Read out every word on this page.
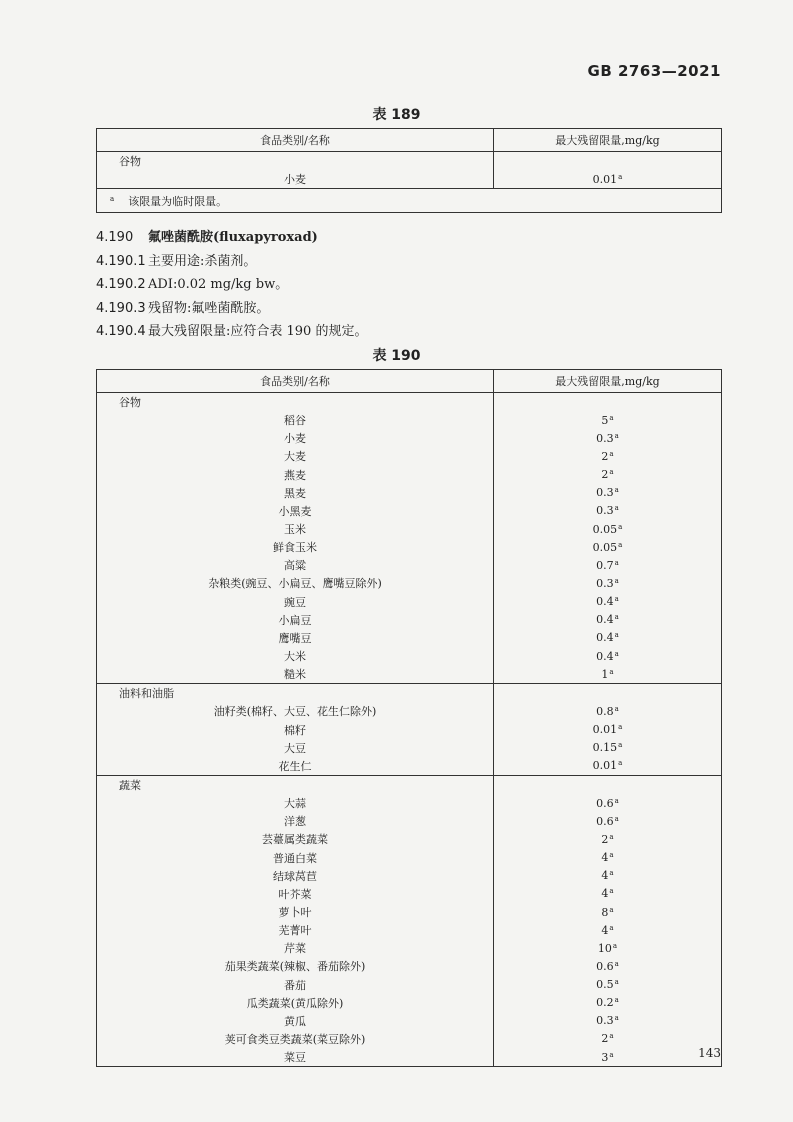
GB 2763—2021
表 189
食品类别/名称	最大残留限量,mg/kg
谷物	
小麦	0.01$^a$
$^a$ 该限量为临时限量。	
4.190 氟唑菌酰胺(fluxapyroxad)
4.190.1 主要用途:杀菌剂。
4.190.2 ADI:0.02 mg/kg bw。
4.190.3 残留物:氟唑菌酰胺。
4.190.4 最大残留限量:应符合表 190 的规定。
表 190
食品类别/名称	最大残留限量,mg/kg
谷物	
稻谷	5$^a$
小麦	0.3$^a$
大麦	2$^a$
燕麦	2$^a$
黑麦	0.3$^a$
小黑麦	0.3$^a$
玉米	0.05$^a$
鲜食玉米	0.05$^a$
高粱	0.7$^a$
杂粮类(豌豆、小扁豆、鹰嘴豆除外)	0.3$^a$
豌豆	0.4$^a$
小扁豆	0.4$^a$
鹰嘴豆	0.4$^a$
大米	0.4$^a$
糙米	1$^a$
油料和油脂	
油籽类(棉籽、大豆、花生仁除外)	0.8$^a$
棉籽	0.01$^a$
大豆	0.15$^a$
花生仁	0.01$^a$
蔬菜	
大蒜	0.6$^a$
洋葱	0.6$^a$
芸薹属类蔬菜	2$^a$
普通白菜	4$^a$
结球莴苣	4$^a$
叶芥菜	4$^a$
萝卜叶	8$^a$
芜菁叶	4$^a$
芹菜	10$^a$
茄果类蔬菜(辣椒、番茄除外)	0.6$^a$
番茄	0.5$^a$
瓜类蔬菜(黄瓜除外)	0.2$^a$
黄瓜	0.3$^a$
荚可食类豆类蔬菜(菜豆除外)	2$^a$
菜豆	3$^a$	143
